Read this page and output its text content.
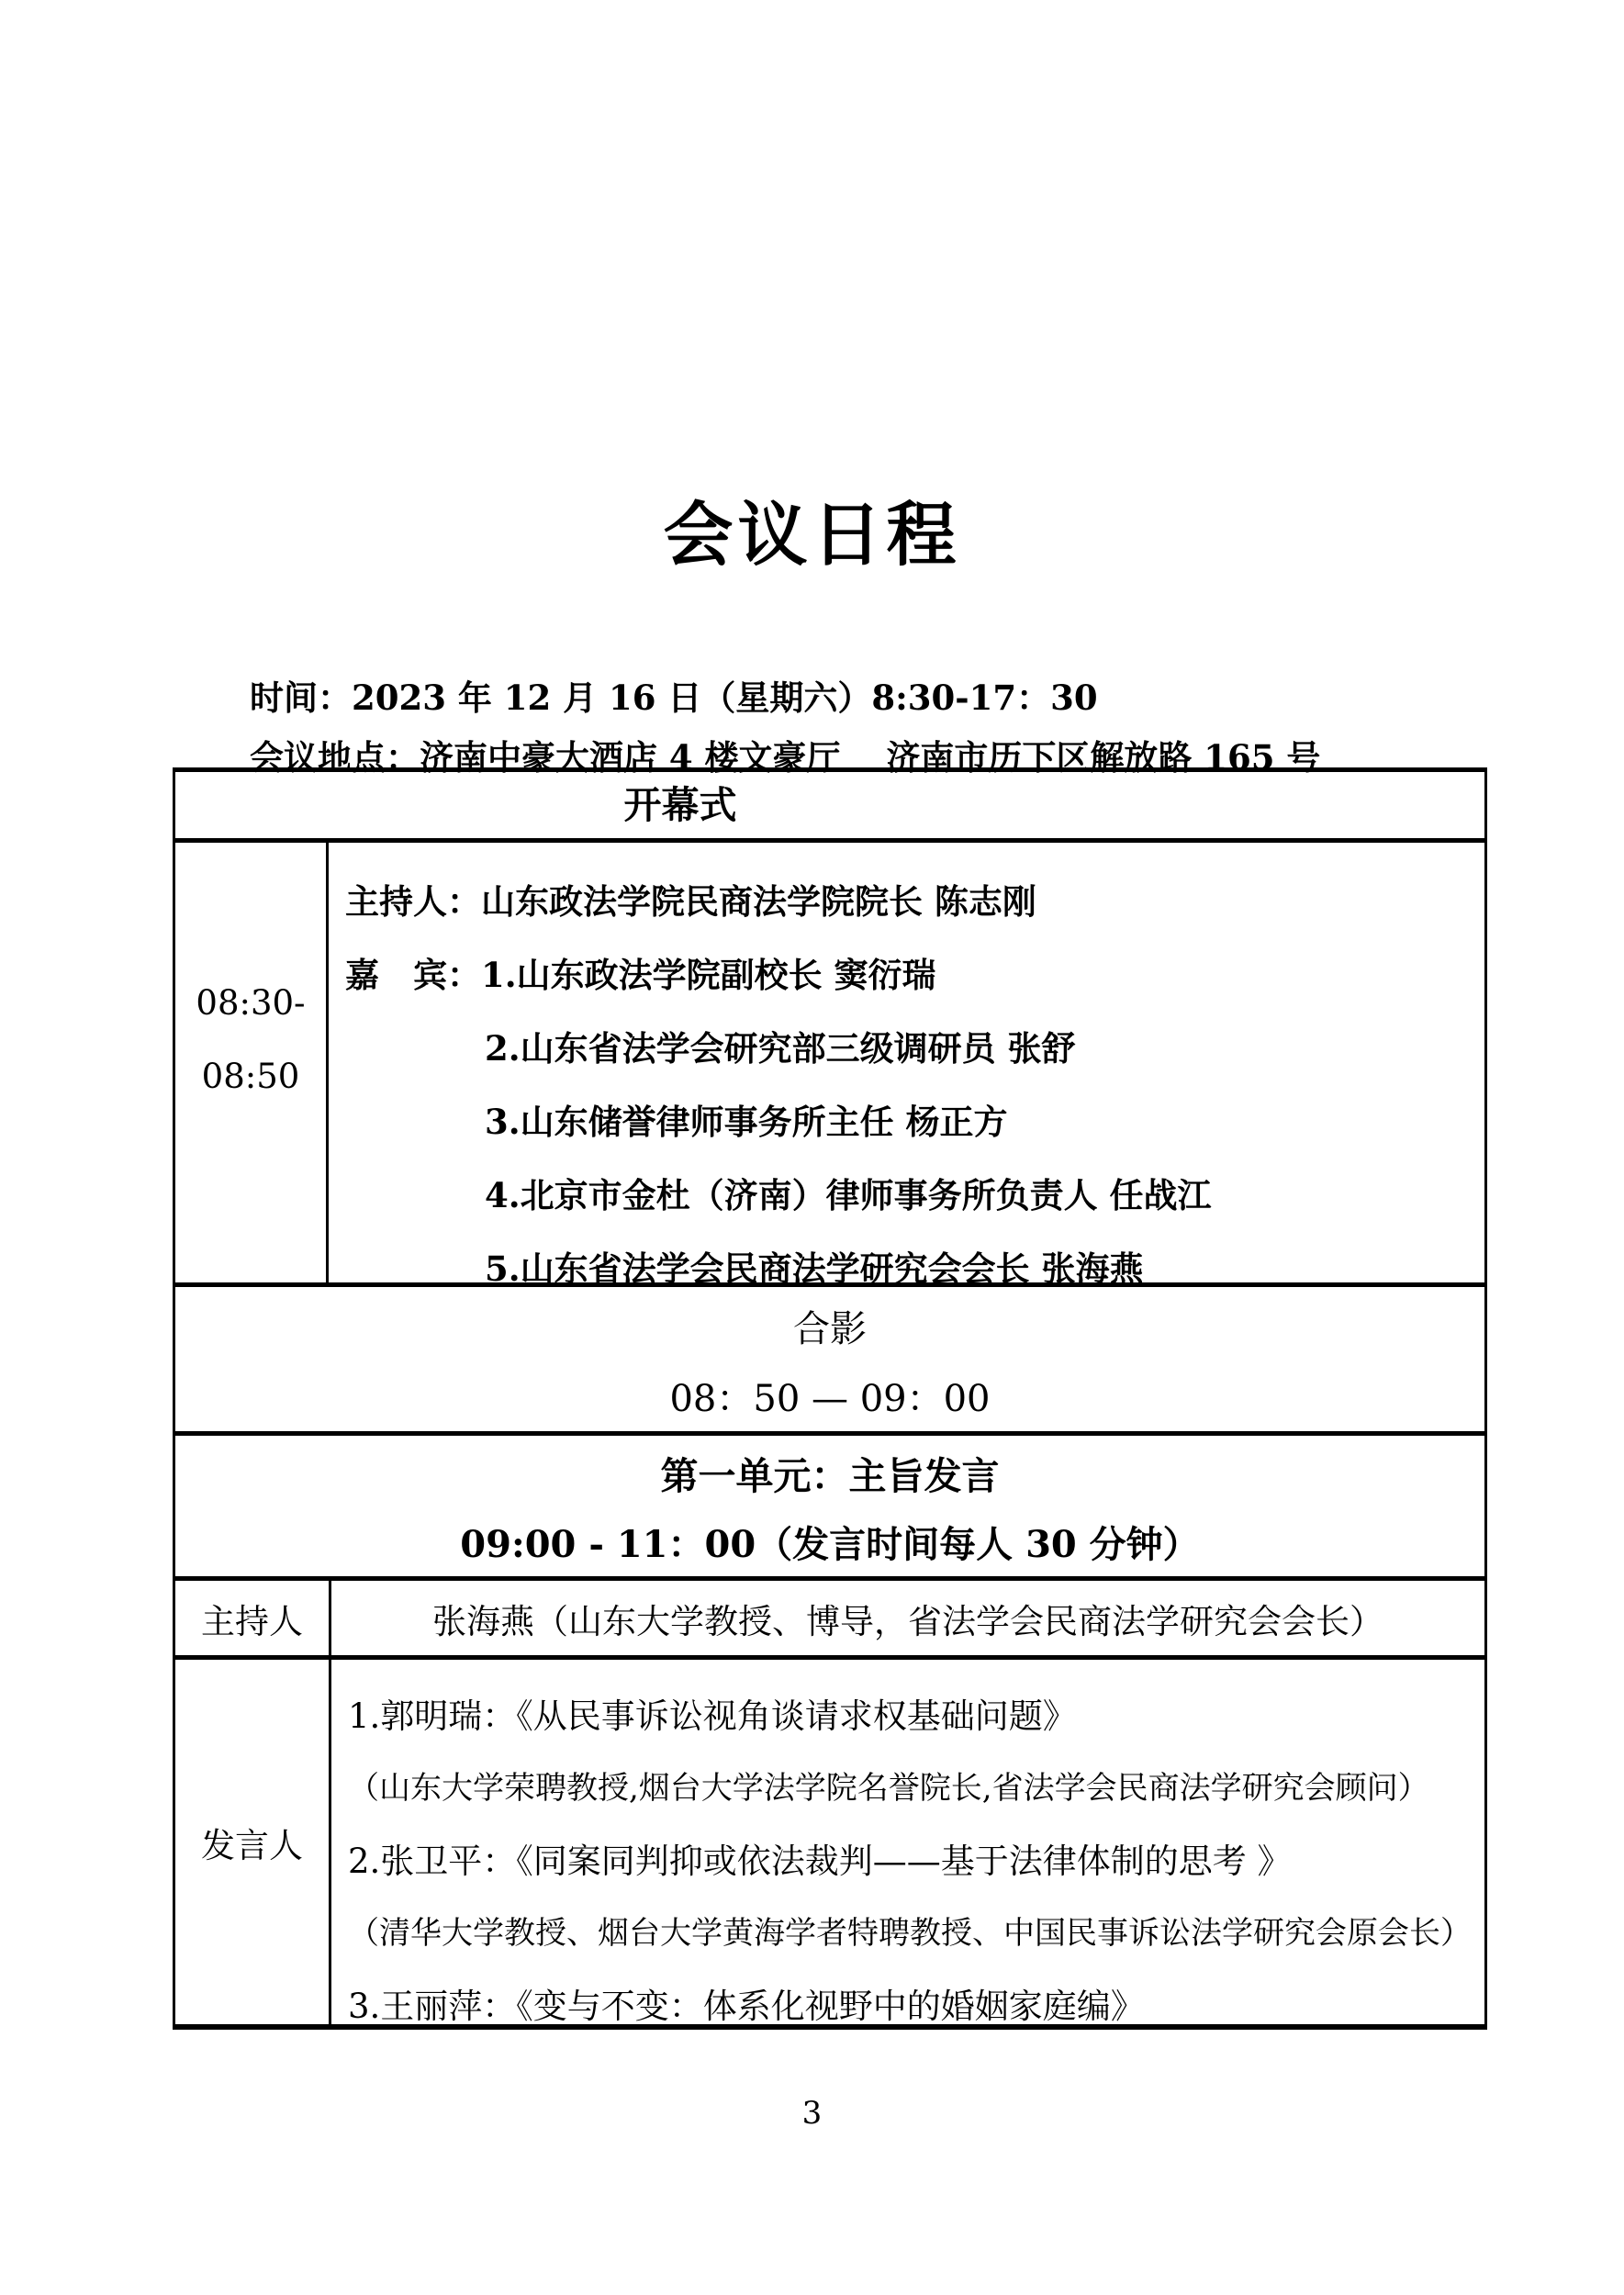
会议日程
时间：2023 年 12 月 16 日（星期六）8:30-17：30
会议地点：济南中豪大酒店 4 楼文豪厅　 济南市历下区解放路 165 号
开幕式
08:30-
08:50
主持人：山东政法学院民商法学院院长 陈志刚
嘉　宾：1.山东政法学院副校长 窦衍瑞
2.山东省法学会研究部三级调研员 张舒
3.山东储誉律师事务所主任 杨正方
4.北京市金杜（济南）律师事务所负责人 任战江
5.山东省法学会民商法学研究会会长 张海燕
合影
08：50 — 09：00
第一单元：主旨发言
09:00 - 11：00（发言时间每人 30 分钟）
主持人	张海燕（山东大学教授、博导，省法学会民商法学研究会会长）
发言人
1.郭明瑞：《从民事诉讼视角谈请求权基础问题》
（山东大学荣聘教授,烟台大学法学院名誉院长,省法学会民商法学研究会顾问）
2.张卫平：《同案同判抑或依法裁判——基于法律体制的思考 》
（清华大学教授、烟台大学黄海学者特聘教授、中国民事诉讼法学研究会原会长）
3.王丽萍：《变与不变：体系化视野中的婚姻家庭编》
3
